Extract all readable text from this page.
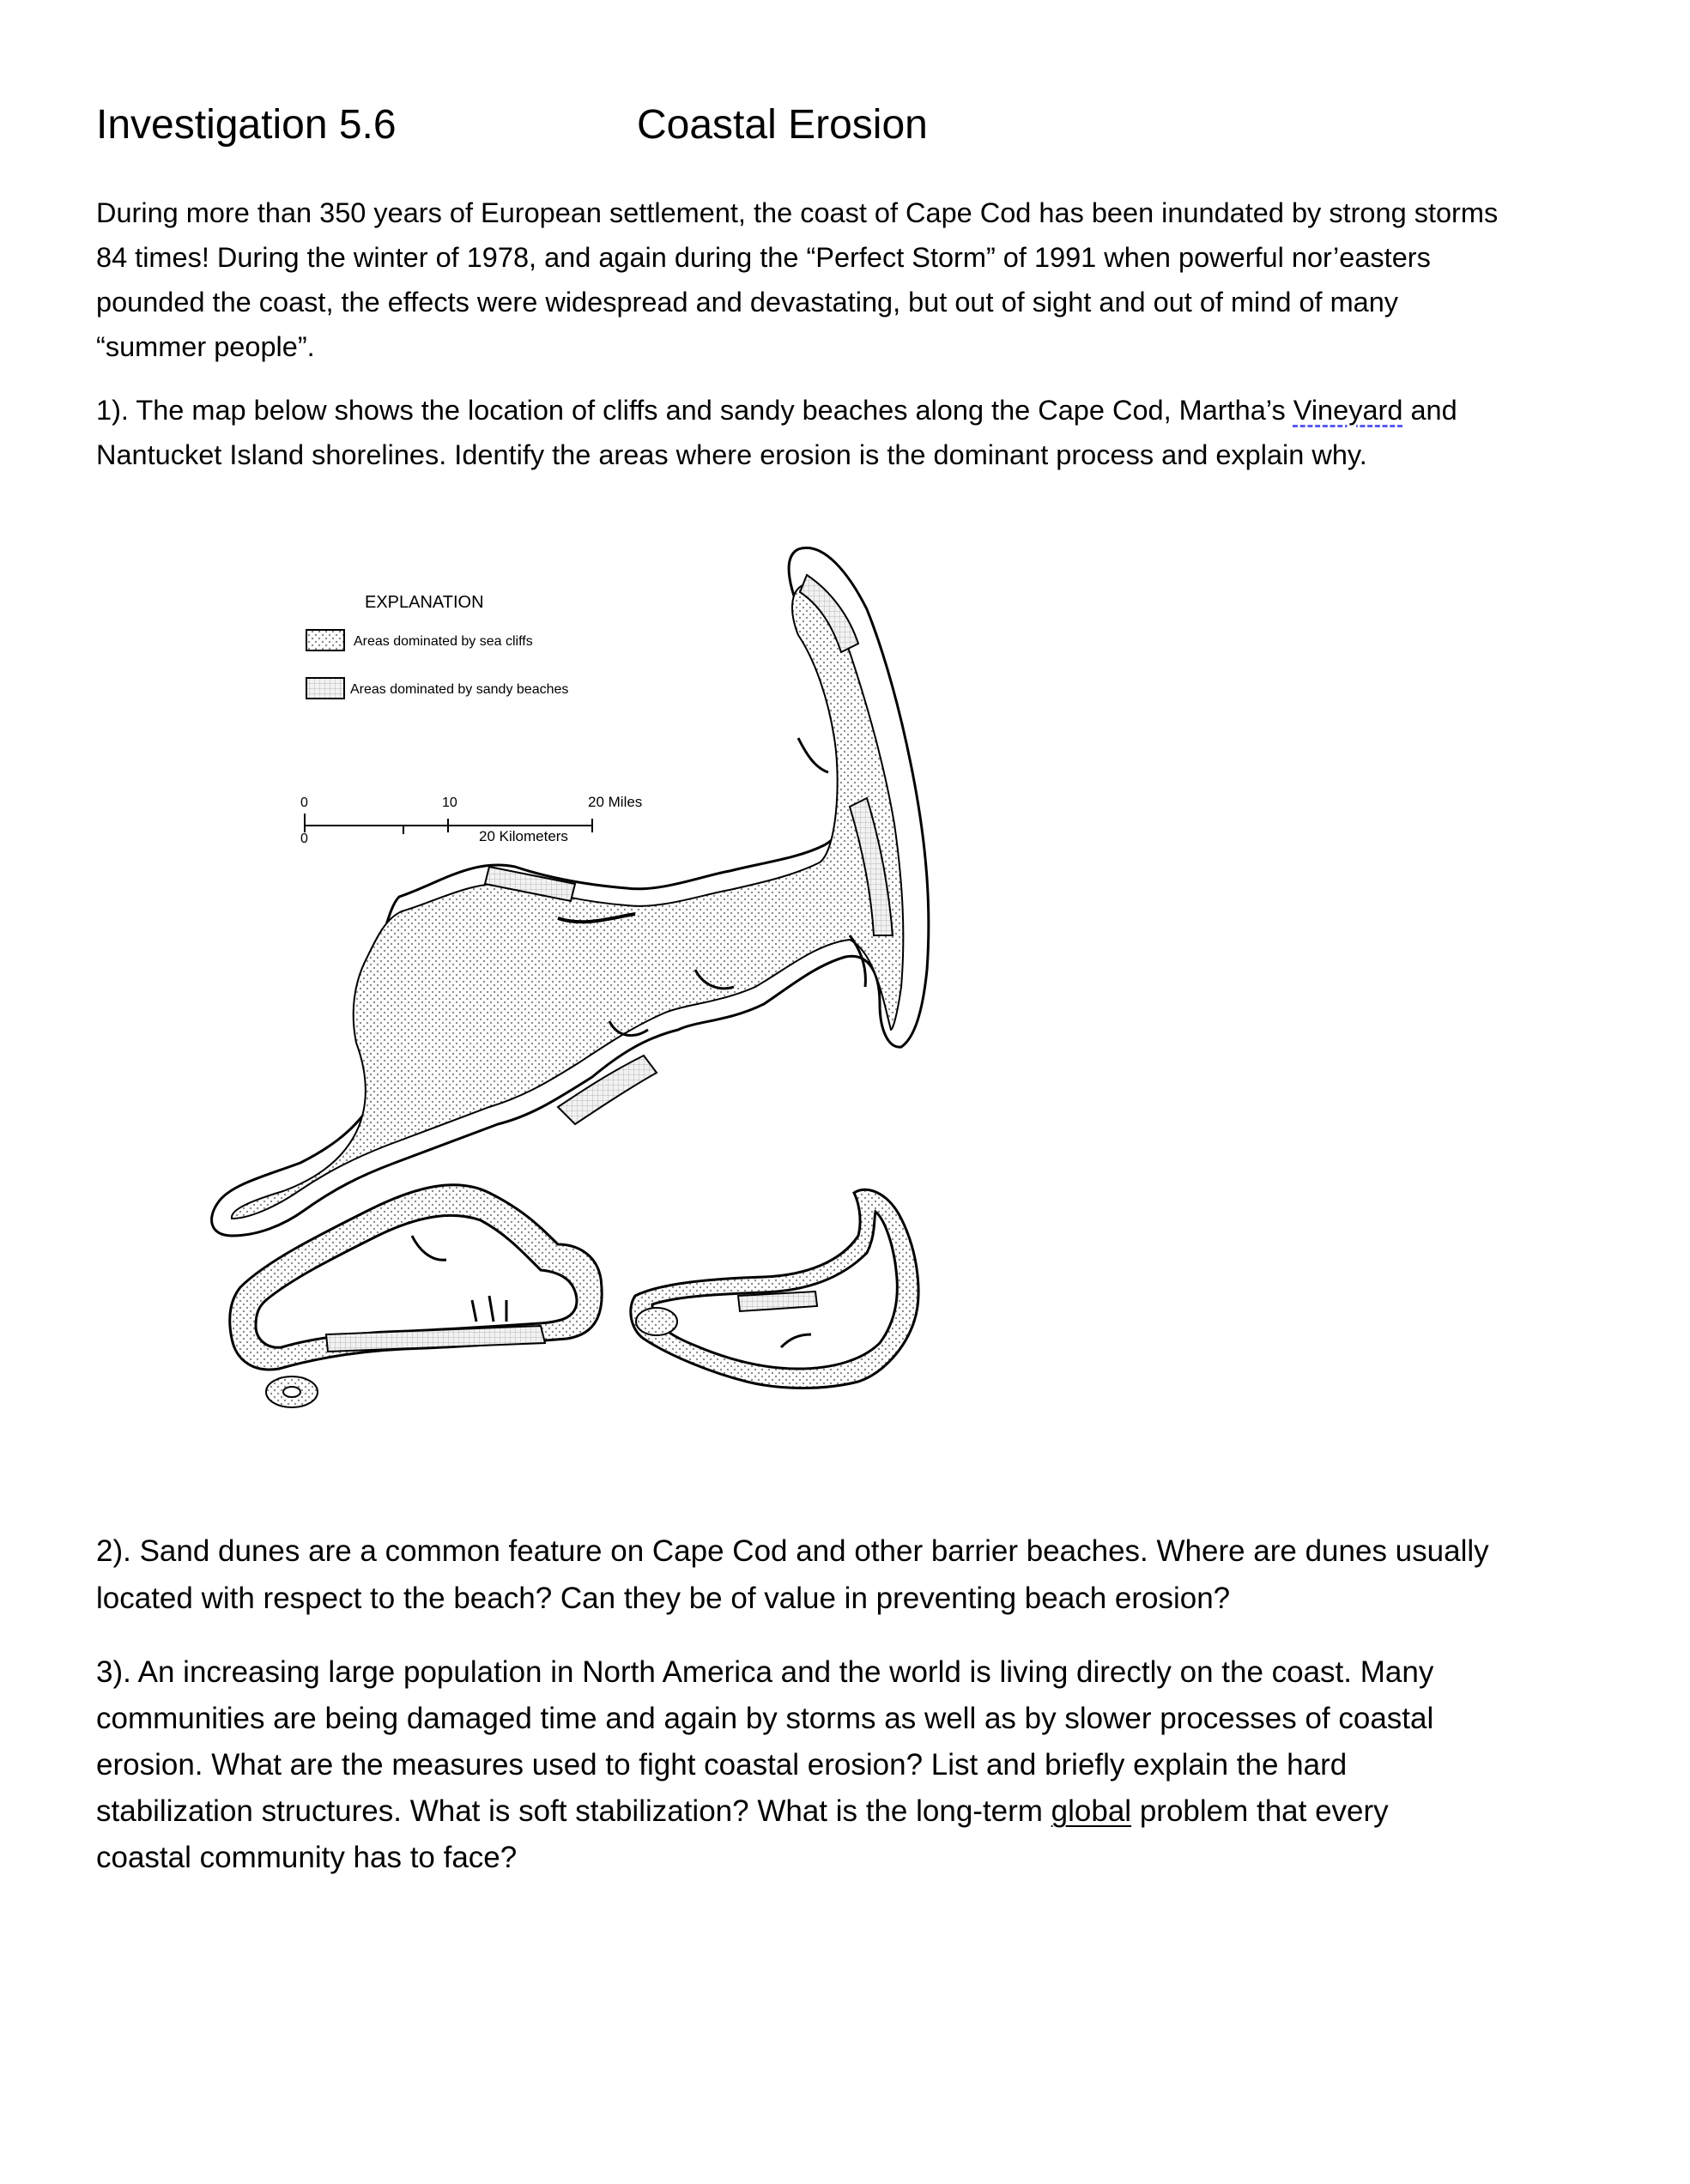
Investigation 5.6	Coastal Erosion
During more than 350 years of European settlement, the coast of Cape Cod has been inundated by strong storms
84 times! During the winter of 1978, and again during the “Perfect Storm” of 1991 when powerful nor’easters
pounded the coast, the effects were widespread and devastating, but out of sight and out of mind of many
“summer people”.
1). The map below shows the location of cliffs and sandy beaches along the Cape Cod, Martha’s Vineyard and
Nantucket Island shorelines. Identify the areas where erosion is the dominant process and explain why.
EXPLANATION
Areas dominated by sea cliffs
Areas dominated by sandy beaches
0
0
10	20 Miles
20 Kilometers
2). Sand dunes are a common feature on Cape Cod and other barrier beaches. Where are dunes usually
located with respect to the beach? Can they be of value in preventing beach erosion?
3). An increasing large population in North America and the world is living directly on the coast. Many
communities are being damaged time and again by storms as well as by slower processes of coastal
erosion. What are the measures used to fight coastal erosion? List and briefly explain the hard
stabilization structures. What is soft stabilization? What is the long-term global problem that every
coastal community has to face?
